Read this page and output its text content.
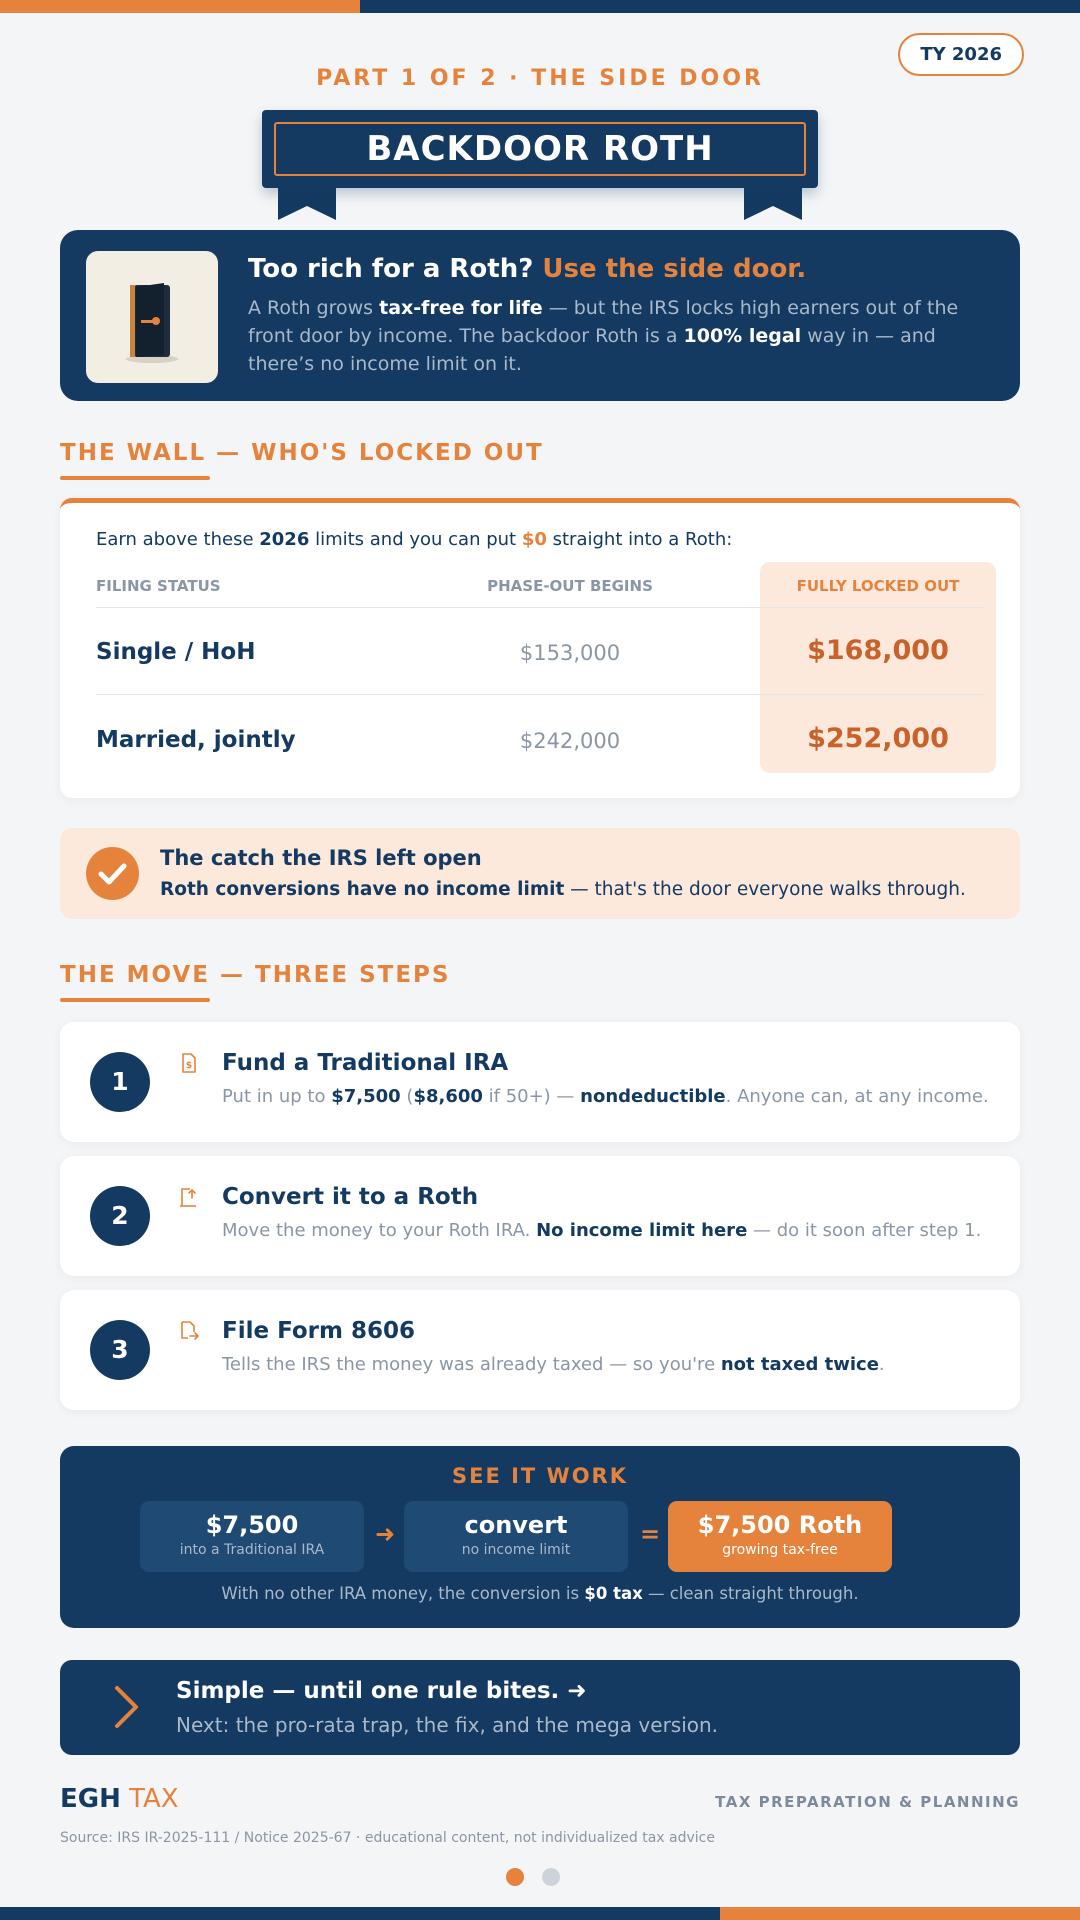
TY 2026
PART 1 OF 2 · THE SIDE DOOR
BACKDOOR ROTH
Too rich for a Roth? Use the side door.
A Roth grows tax-free for life — but the IRS locks high earners out of the front door by income. The backdoor Roth is a 100% legal way in — and there’s no income limit on it.
THE WALL — WHO'S LOCKED OUT
Earn above these 2026 limits and you can put $0 straight into a Roth:
FILING STATUS	PHASE-OUT BEGINS	FULLY LOCKED OUT
Single / HoH	$153,000	$168,000
Married, jointly	$242,000	$252,000
The catch the IRS left open
Roth conversions have no income limit — that's the door everyone walks through.
THE MOVE — THREE STEPS
1
$ Fund a Traditional IRA
Put in up to $7,500 ($8,600 if 50+) — nondeductible. Anyone can, at any income.
2
Convert it to a Roth
Move the money to your Roth IRA. No income limit here — do it soon after step 1.
3
File Form 8606
Tells the IRS the money was already taxed — so you're not taxed twice.
SEE IT WORK
$7,500
into a Traditional IRA
➜	convert
no income limit
=	$7,500 Roth
growing tax-free
With no other IRA money, the conversion is $0 tax — clean straight through.
Simple — until one rule bites. ➜
Next: the pro-rata trap, the fix, and the mega version.
EGH TAX	TAX PREPARATION & PLANNING
Source: IRS IR-2025-111 / Notice 2025-67 · educational content, not individualized tax advice
